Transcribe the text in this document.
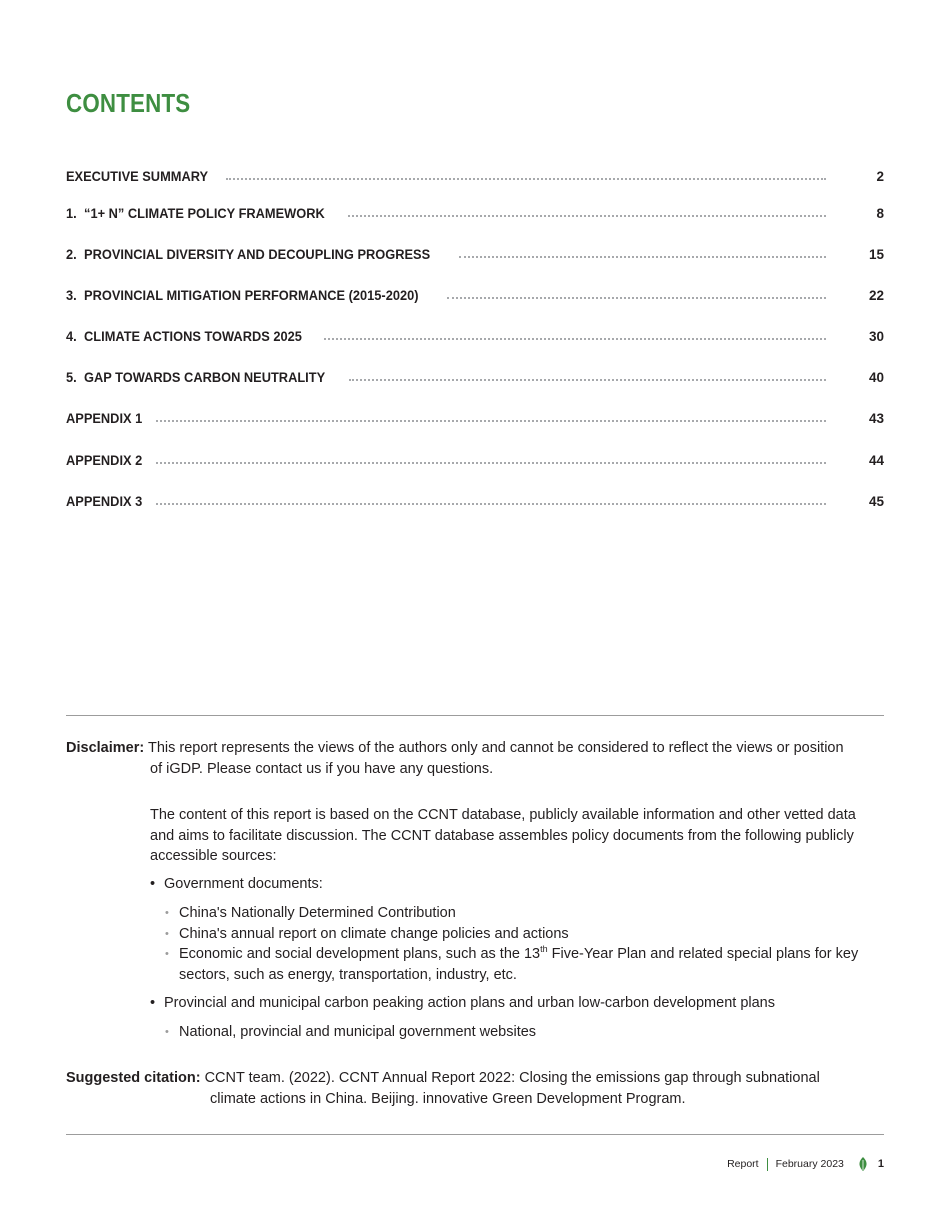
CONTENTS
EXECUTIVE SUMMARY	2
1. “1+ N” CLIMATE POLICY FRAMEWORK	8
2. PROVINCIAL DIVERSITY AND DECOUPLING PROGRESS	15
3. PROVINCIAL MITIGATION PERFORMANCE (2015-2020)	22
4. CLIMATE ACTIONS TOWARDS 2025	30
5. GAP TOWARDS CARBON NEUTRALITY	40
APPENDIX 1	43
APPENDIX 2	44
APPENDIX 3	45
Disclaimer: This report represents the views of the authors only and cannot be considered to reflect the views or position
of iGDP. Please contact us if you have any questions.
The content of this report is based on the CCNT database, publicly available information and other vetted data and aims to facilitate discussion. The CCNT database assembles policy documents from the following publicly accessible sources:
• Government documents:
• China's Nationally Determined Contribution
• China's annual report on climate change policies and actions
• Economic and social development plans, such as the 13th Five-Year Plan and related special plans for key sectors, such as energy, transportation, industry, etc.
• Provincial and municipal carbon peaking action plans and urban low-carbon development plans
• National, provincial and municipal government websites
Suggested citation: CCNT team. (2022). CCNT Annual Report 2022: Closing the emissions gap through subnational
climate actions in China. Beijing. innovative Green Development Program.
Report February 2023	1
